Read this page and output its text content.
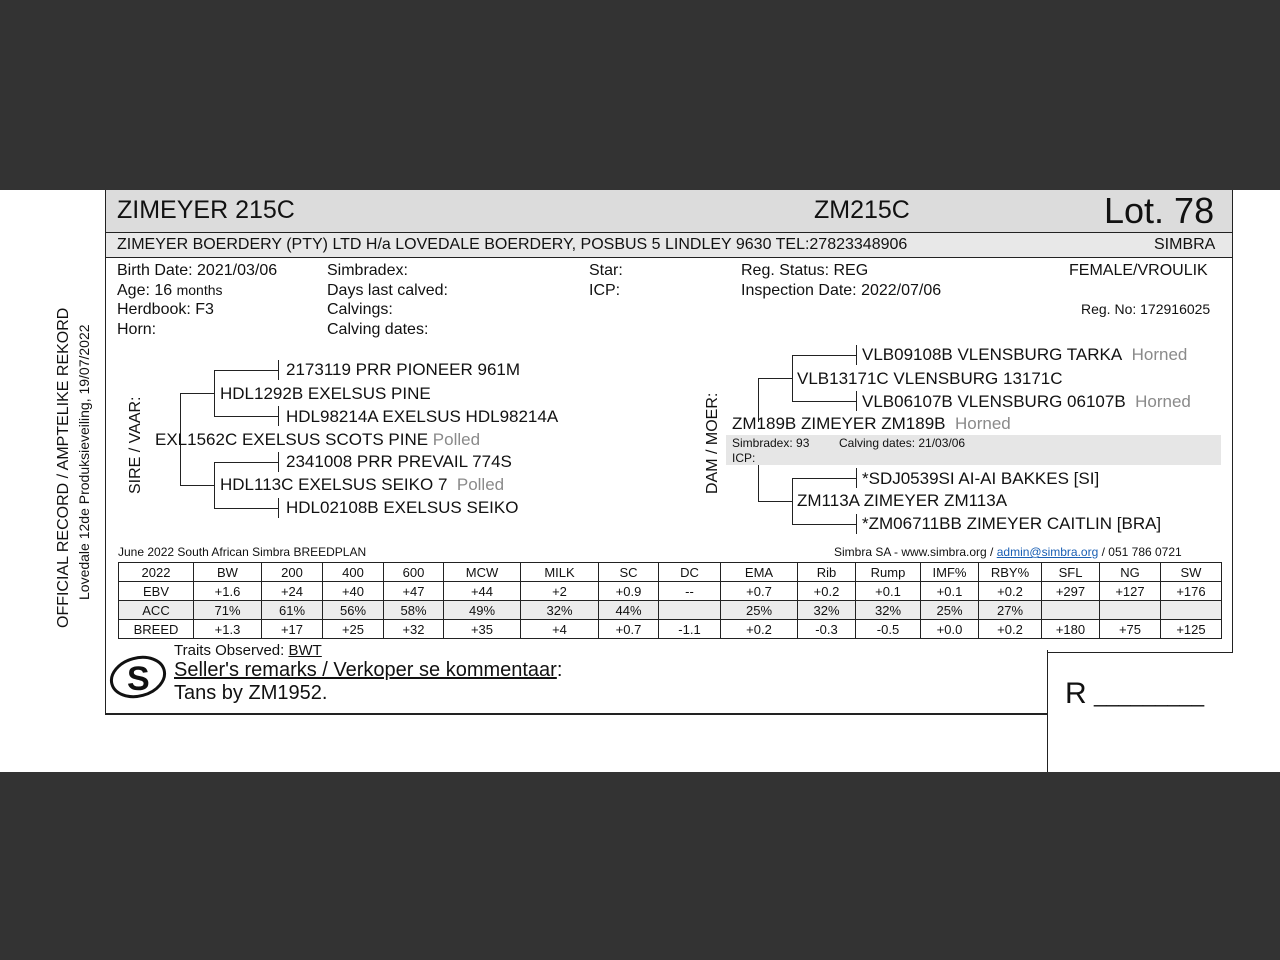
ZIMEYER 215C	ZM215C	Lot. 78
ZIMEYER BOERDERY (PTY) LTD H/a LOVEDALE BOERDERY, POSBUS 5 LINDLEY 9630 TEL:27823348906	SIMBRA
Birth Date: 2021/03/06
Age: 16 months
Herdbook: F3
Horn:
Simbradex:
Days last calved:
Calvings:
Calving dates:
Star:
ICP:
Reg. Status: REG
Inspection Date: 2022/07/06
FEMALE/VROULIK
Reg. No: 172916025
OFFICIAL RECORD / AMPTELIKE REKORD Lovedale 12de Produksieveiling, 19/07/2022 SIRE / VAAR:	DAM / MOER:
2173119 PRR PIONEER 961M
HDL1292B EXELSUS PINE
HDL98214A EXELSUS HDL98214A
EXL1562C EXELSUS SCOTS PINE Polled
2341008 PRR PREVAIL 774S
HDL113C EXELSUS SEIKO 7 Polled
HDL02108B EXELSUS SEIKO
VLB09108B VLENSBURG TARKA Horned
VLB13171C VLENSBURG 13171C
VLB06107B VLENSBURG 06107B Horned
ZM189B ZIMEYER ZM189B Horned
Simbradex: 93 Calving dates: 21/03/06
ICP:
*SDJ0539SI AI-AI BAKKES [SI]
ZM113A ZIMEYER ZM113A
*ZM06711BB ZIMEYER CAITLIN [BRA]
June 2022 South African Simbra BREEDPLAN	Simbra SA - www.simbra.org / admin@simbra.org / 051 786 0721
2022	BW	200	400	600	MCW	MILK	SC	DC	EMA	Rib	Rump	IMF%	RBY%	SFL	NG	SW
EBV	+1.6	+24	+40	+47	+44	+2	+0.9	--	+0.7	+0.2	+0.1	+0.1	+0.2	+297	+127	+176
ACC	71%	61%	56%	58%	49%	32%	44%		25%	32%	32%	25%	27%			
BREED	+1.3	+17	+25	+32	+35	+4	+0.7	-1.1	+0.2	-0.3	-0.5	+0.0	+0.2	+180	+75	+125
S
Traits Observed: BWT
Seller's remarks / Verkoper se kommentaar:
Tans by ZM1952.	R _________
